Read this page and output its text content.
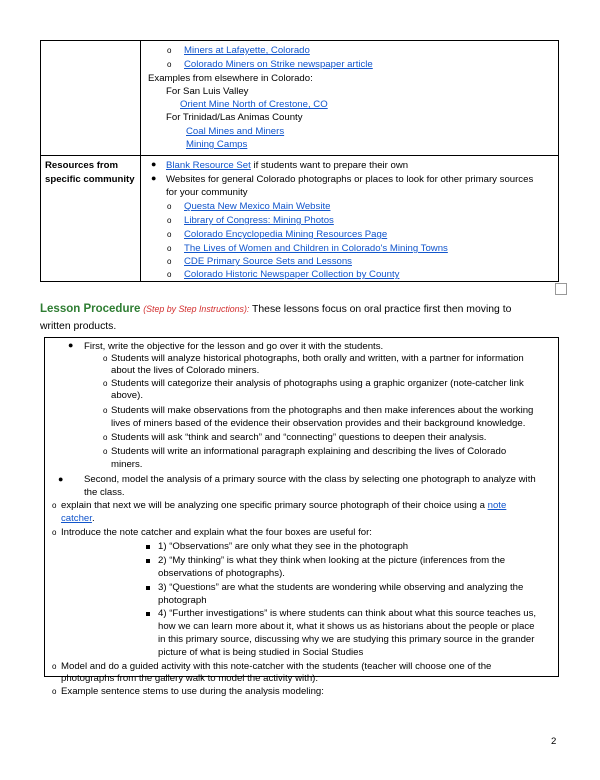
o Miners at Lafayette, Colorado
o Colorado Miners on Strike newspaper article
Examples from elsewhere in Colorado:
For San Luis Valley
Orient Mine North of Crestone, CO
For Trinidad/Las Animas County
Coal Mines and Miners
Mining Camps
Resources from
specific community
● Blank Resource Set if students want to prepare their own
● Websites for general Colorado photographs or places to look for other primary sources
for your community
o Questa New Mexico Main Website
o Library of Congress: Mining Photos
o Colorado Encyclopedia Mining Resources Page
o The Lives of Women and Children in Colorado's Mining Towns
o CDE Primary Source Sets and Lessons
o Colorado Historic Newspaper Collection by County
Lesson Procedure (Step by Step Instructions): These lessons focus on oral practice first then moving to
written products.
● First, write the objective for the lesson and go over it with the students.
o Students will analyze historical photographs, both orally and written, with a partner for information
about the lives of Colorado miners.
o Students will categorize their analysis of photographs using a graphic organizer (note-catcher link
above).
o Students will make observations from the photographs and then make inferences about the working
lives of miners based of the evidence their observation provides and their background knowledge.
o Students will ask “think and search” and “connecting” questions to deepen their analysis.
o Students will write an informational paragraph explaining and describing the lives of Colorado
miners.
● Second, model the analysis of a primary source with the class by selecting one photograph to analyze with
the class.
o explain that next we will be analyzing one specific primary source photograph of their choice using a note
catcher.
o Introduce the note catcher and explain what the four boxes are useful for:
1) “Observations” are only what they see in the photograph
2) “My thinking” is what they think when looking at the picture (inferences from the
observations of photographs).
3) “Questions” are what the students are wondering while observing and analyzing the
photograph
4) “Further investigations” is where students can think about what this source teaches us,
how we can learn more about it, what it shows us as historians about the people or place
in this primary source, discussing why we are studying this primary source in the grander
picture of what is being studied in Social Studies
o Model and do a guided activity with this note-catcher with the students (teacher will choose one of the
photographs from the gallery walk to model the activity with).
o Example sentence stems to use during the analysis modeling:
2
